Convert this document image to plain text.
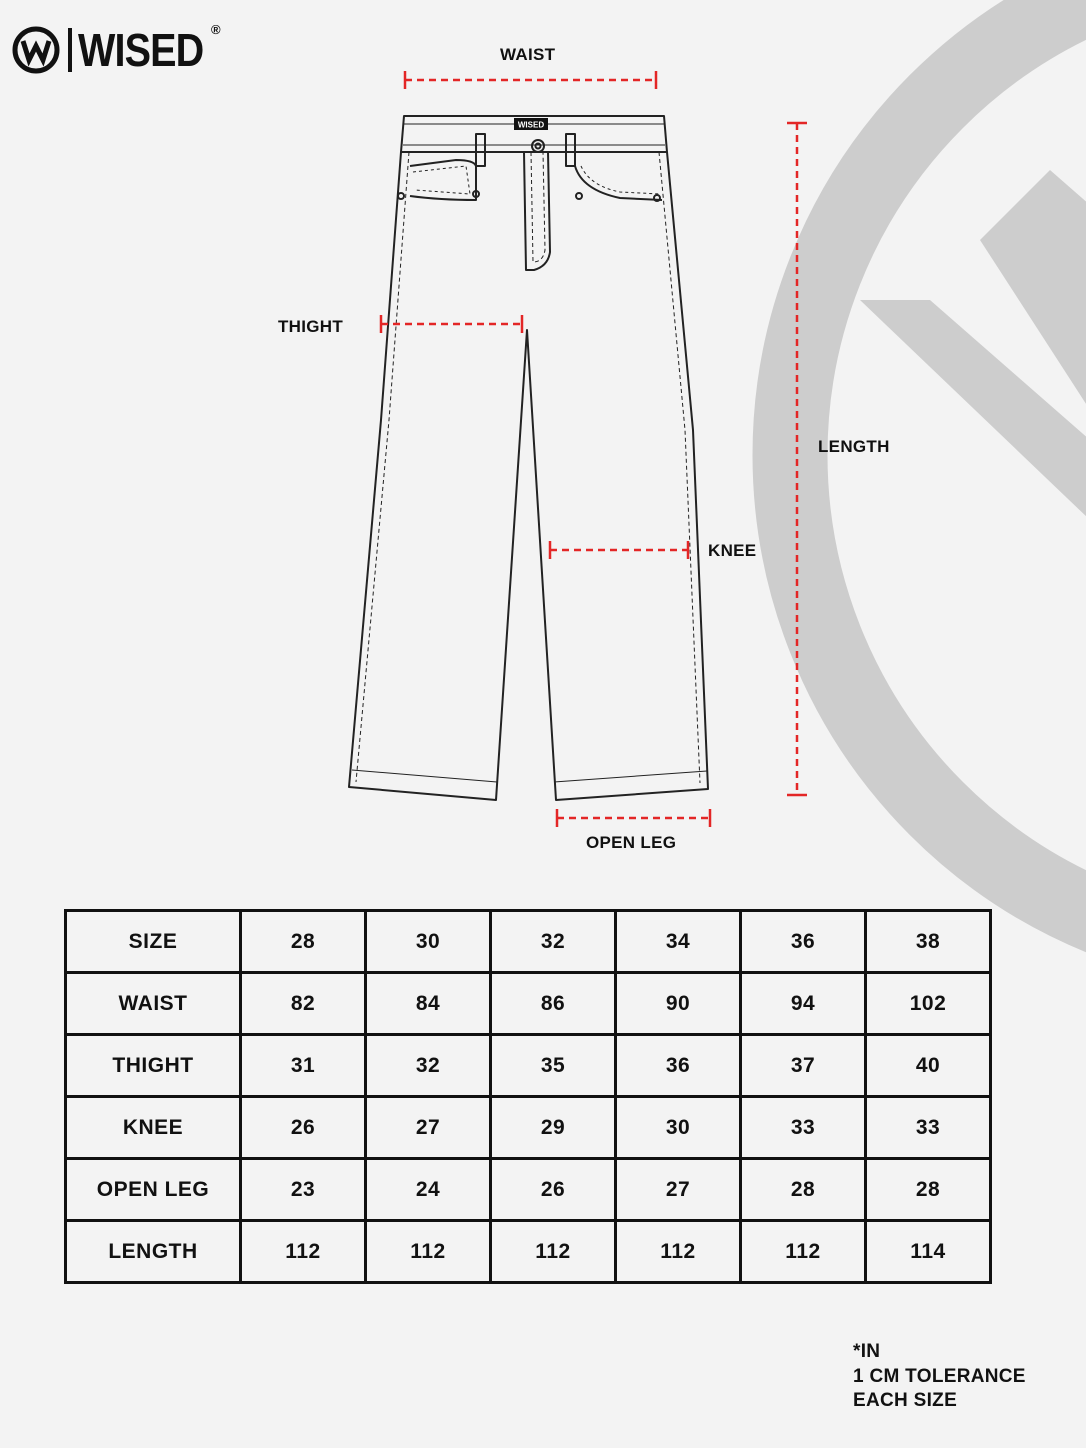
WISED ®
WISED
WAIST
THIGHT
LENGTH
KNEE
OPEN LEG
SIZE	28	30	32	34	36	38
WAIST	82	84	86	90	94	102
THIGHT	31	32	35	36	37	40
KNEE	26	27	29	30	33	33
OPEN LEG	23	24	26	27	28	28
LENGTH	112	112	112	112	112	114
*IN
1 CM TOLERANCE
EACH SIZE
